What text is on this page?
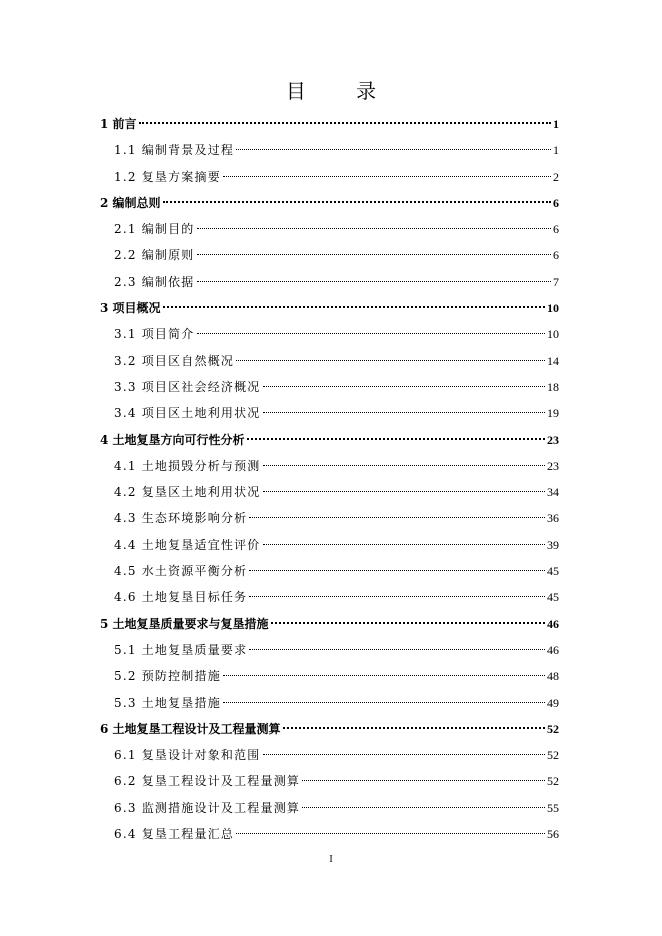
目 录
1 前言	1
1.1 编制背景及过程	1
1.2 复垦方案摘要	2
2 编制总则	6
2.1 编制目的	6
2.2 编制原则	6
2.3 编制依据	7
3 项目概况	10
3.1 项目简介	10
3.2 项目区自然概况	14
3.3 项目区社会经济概况	18
3.4 项目区土地利用状况	19
4 土地复垦方向可行性分析	23
4.1 土地损毁分析与预测	23
4.2 复垦区土地利用状况	34
4.3 生态环境影响分析	36
4.4 土地复垦适宜性评价	39
4.5 水土资源平衡分析	45
4.6 土地复垦目标任务	45
5 土地复垦质量要求与复垦措施	46
5.1 土地复垦质量要求	46
5.2 预防控制措施	48
5.3 土地复垦措施	49
6 土地复垦工程设计及工程量测算	52
6.1 复垦设计对象和范围	52
6.2 复垦工程设计及工程量测算	52
6.3 监测措施设计及工程量测算	55
6.4 复垦工程量汇总	56
I
